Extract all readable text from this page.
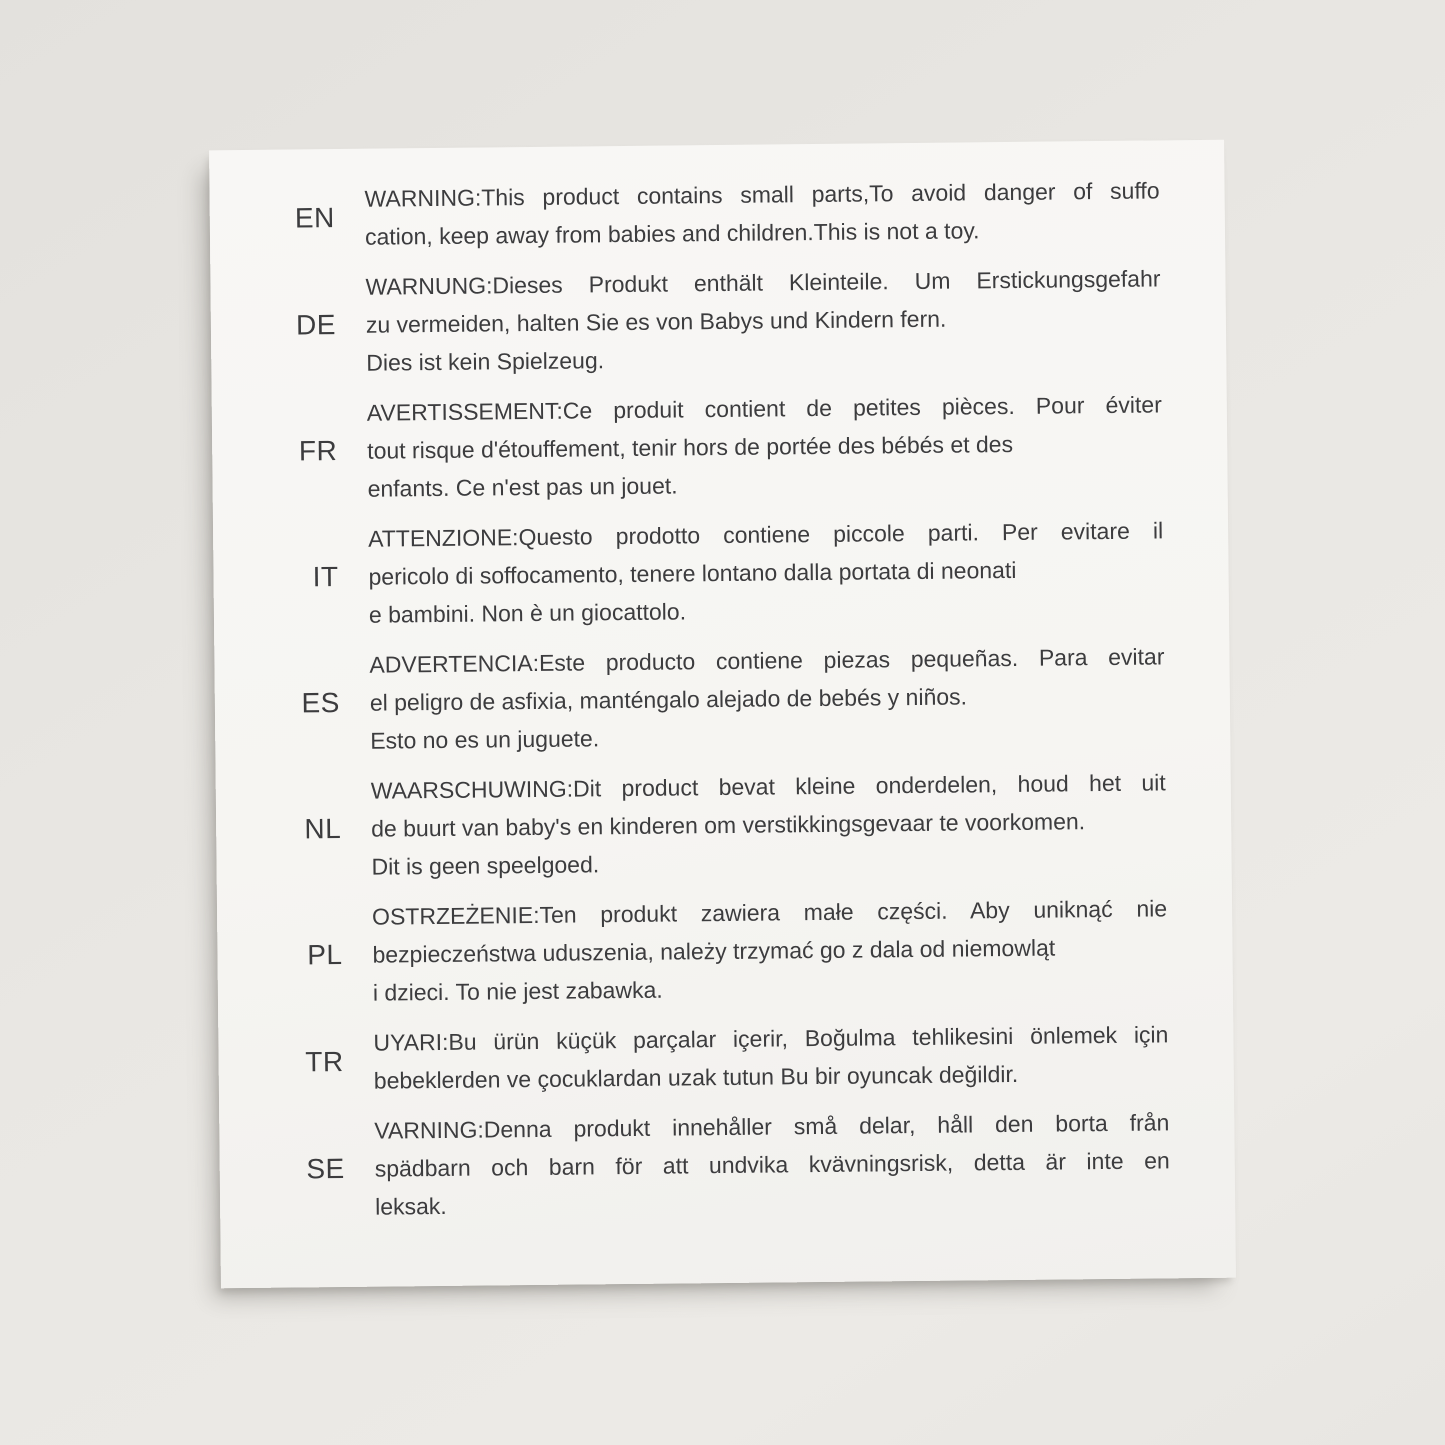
EN
WARNING:This product contains small parts,To avoid danger of suffo
cation, keep away from babies and children.This is not a toy.
DE
WARNUNG:Dieses Produkt enthält Kleinteile. Um Erstickungsgefahr
zu vermeiden, halten Sie es von Babys und Kindern fern.
Dies ist kein Spielzeug.
FR
AVERTISSEMENT:Ce produit contient de petites pièces. Pour éviter
tout risque d'étouffement, tenir hors de portée des bébés et des
enfants. Ce n'est pas un jouet.
IT
ATTENZIONE:Questo prodotto contiene piccole parti. Per evitare il
pericolo di soffocamento, tenere lontano dalla portata di neonati
e bambini. Non è un giocattolo.
ES
ADVERTENCIA:Este producto contiene piezas pequeñas. Para evitar
el peligro de asfixia, manténgalo alejado de bebés y niños.
Esto no es un juguete.
NL
WAARSCHUWING:Dit product bevat kleine onderdelen, houd het uit
de buurt van baby's en kinderen om verstikkingsgevaar te voorkomen.
Dit is geen speelgoed.
PL
OSTRZEŻENIE:Ten produkt zawiera małe części. Aby uniknąć nie
bezpieczeństwa uduszenia, należy trzymać go z dala od niemowląt
i dzieci. To nie jest zabawka.
TR
UYARI:Bu ürün küçük parçalar içerir, Boğulma tehlikesini önlemek için
bebeklerden ve çocuklardan uzak tutun Bu bir oyuncak değildir.
SE
VARNING:Denna produkt innehåller små delar, håll den borta från
spädbarn och barn för att undvika kvävningsrisk, detta är inte en
leksak.
